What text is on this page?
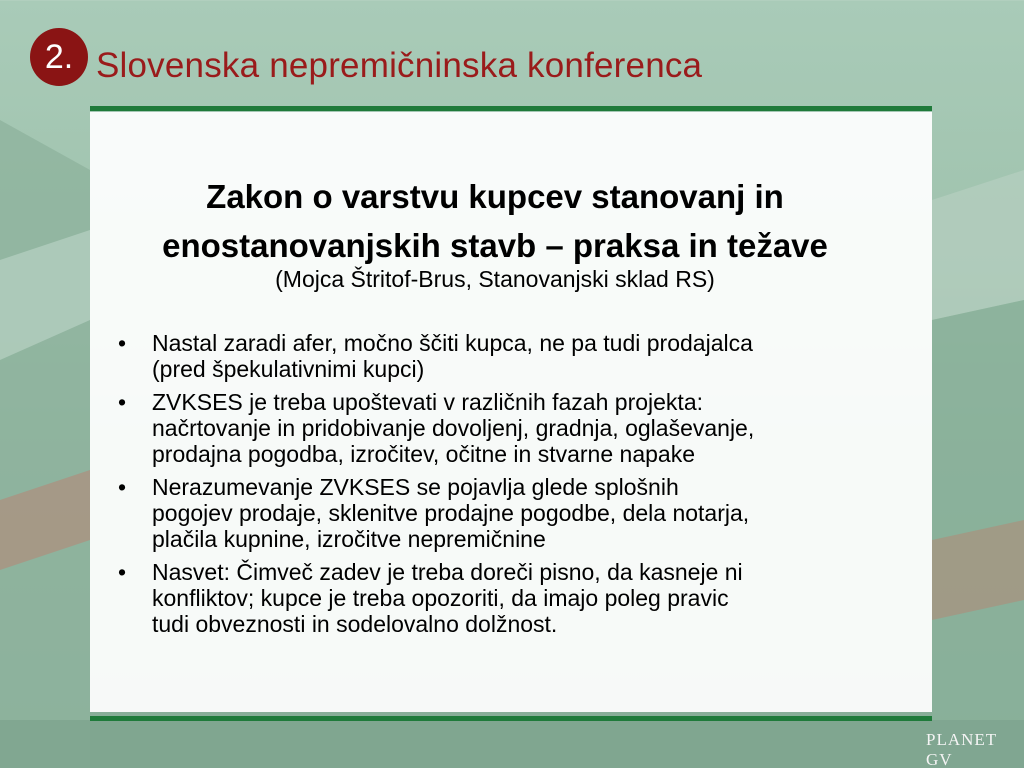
2. Slovenska nepremičninska konferenca
Zakon o varstvu kupcev stanovanj in
enostanovanjskih stavb – praksa in težave
(Mojca Štritof-Brus, Stanovanjski sklad RS)
• Nastal zaradi afer, močno ščiti kupca, ne pa tudi prodajalca
(pred špekulativnimi kupci)
• ZVKSES je treba upoštevati v različnih fazah projekta:
načrtovanje in pridobivanje dovoljenj, gradnja, oglaševanje,
prodajna pogodba, izročitev, očitne in stvarne napake
• Nerazumevanje ZVKSES se pojavlja glede splošnih
pogojev prodaje, sklenitve prodajne pogodbe, dela notarja,
plačila kupnine, izročitve nepremičnine
• Nasvet: Čimveč zadev je treba doreči pisno, da kasneje ni
konfliktov; kupce je treba opozoriti, da imajo poleg pravic
tudi obveznosti in sodelovalno dolžnost.
PLANET GV
